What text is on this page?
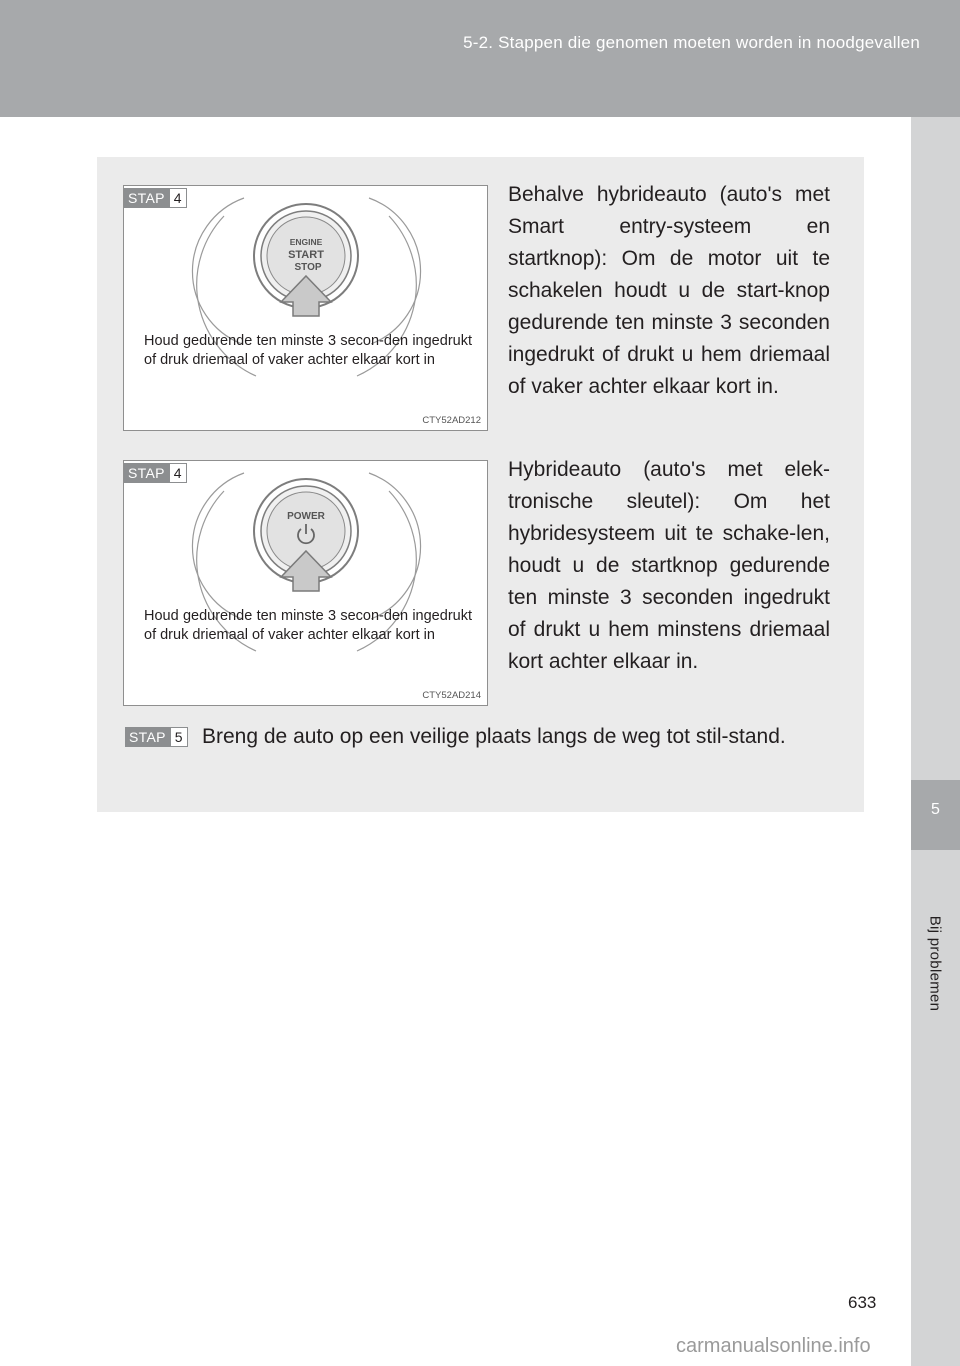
5-2. Stappen die genomen moeten worden in noodgevallen
5
Bij problemen
ENGINE
START
STOP
STAP 4
Houd gedurende ten minste 3 secon-den ingedrukt of druk driemaal of vaker achter elkaar kort in
CTY52AD212
POWER
STAP 4
Houd gedurende ten minste 3 secon-den ingedrukt of druk driemaal of vaker achter elkaar kort in
CTY52AD214
Behalve hybrideauto (auto's met Smart entry-systeem en startknop): Om de motor uit te schakelen houdt u de start-knop gedurende ten minste 3 seconden ingedrukt of drukt u hem driemaal of vaker achter elkaar kort in.
Hybrideauto (auto's met elek-tronische sleutel): Om het hybridesysteem uit te schake-len, houdt u de startknop gedurende ten minste 3 seconden ingedrukt of drukt u hem minstens driemaal kort achter elkaar in.
STAP 5 Breng de auto op een veilige plaats langs de weg tot stil-stand.
633
carmanualsonline.info
